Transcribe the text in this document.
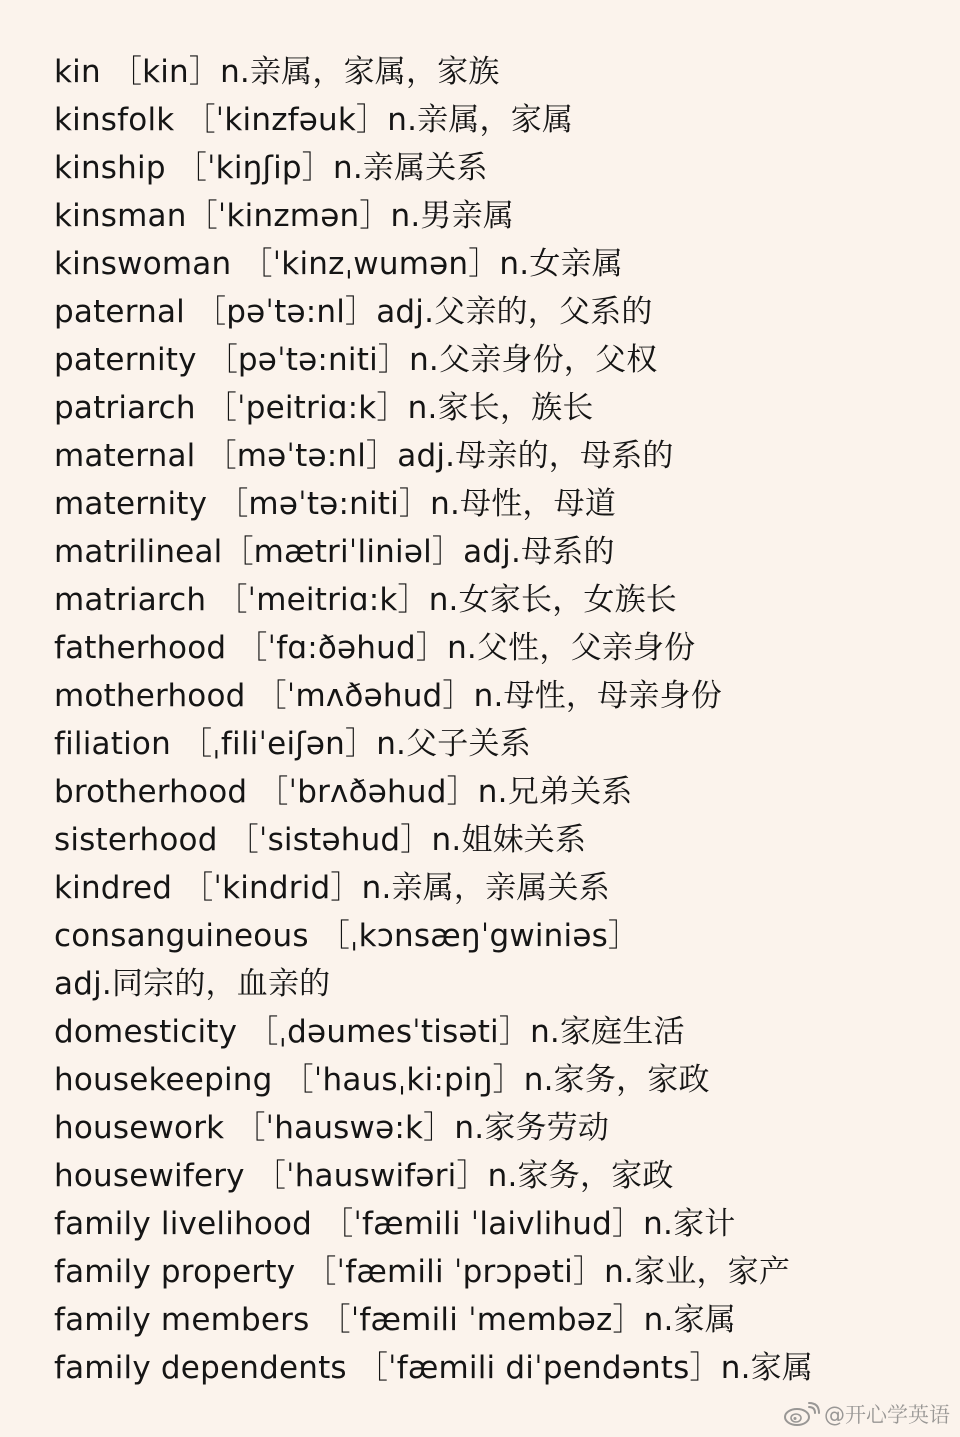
kin ［kin］n.亲属，家属，家族
kinsfolk ［ˈkinzfəuk］n.亲属，家属
kinship ［ˈkiŋʃip］n.亲属关系
kinsman［ˈkinzmən］n.男亲属
kinswoman ［ˈkinzˌwumən］n.女亲属
paternal ［pəˈtə:nl］adj.父亲的，父系的
paternity ［pəˈtə:niti］n.父亲身份，父权
patriarch ［ˈpeitriɑ:k］n.家长，族长
maternal ［məˈtə:nl］adj.母亲的，母系的
maternity ［məˈtə:niti］n.母性，母道
matrilineal［mætriˈliniəl］adj.母系的
matriarch ［ˈmeitriɑ:k］n.女家长，女族长
fatherhood ［ˈfɑ:ðəhud］n.父性，父亲身份
motherhood ［ˈmʌðəhud］n.母性，母亲身份
filiation ［ˌfiliˈeiʃən］n.父子关系
brotherhood ［ˈbrʌðəhud］n.兄弟关系
sisterhood ［ˈsistəhud］n.姐妹关系
kindred ［ˈkindrid］n.亲属，亲属关系
consanguineous ［ˌkɔnsæŋˈgwiniəs］
adj.同宗的，血亲的
domesticity ［ˌdəumesˈtisəti］n.家庭生活
housekeeping ［ˈhausˌki:piŋ］n.家务，家政
housework ［ˈhauswə:k］n.家务劳动
housewifery ［ˈhauswifəri］n.家务，家政
family livelihood ［ˈfæmili ˈlaivlihud］n.家计
family property ［ˈfæmili ˈprɔpəti］n.家业，家产
family members ［ˈfæmili ˈmembəz］n.家属
family dependents ［ˈfæmili diˈpendənts］n.家属
@开心学英语
